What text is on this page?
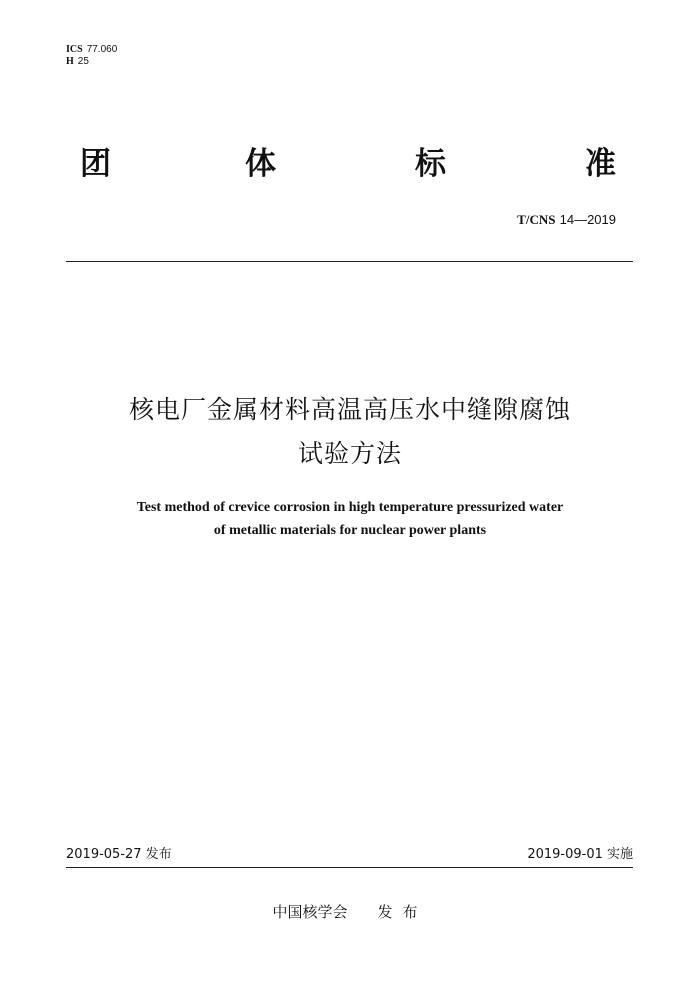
ICS 77.060
H 25
团	体	标	准
T/CNS 14—2019
核电厂金属材料高温高压水中缝隙腐蚀
试验方法
Test method of crevice corrosion in high temperature pressurized water
of metallic materials for nuclear power plants
2019-05-27 发布	2019-09-01 实施
中国核学会 发布
